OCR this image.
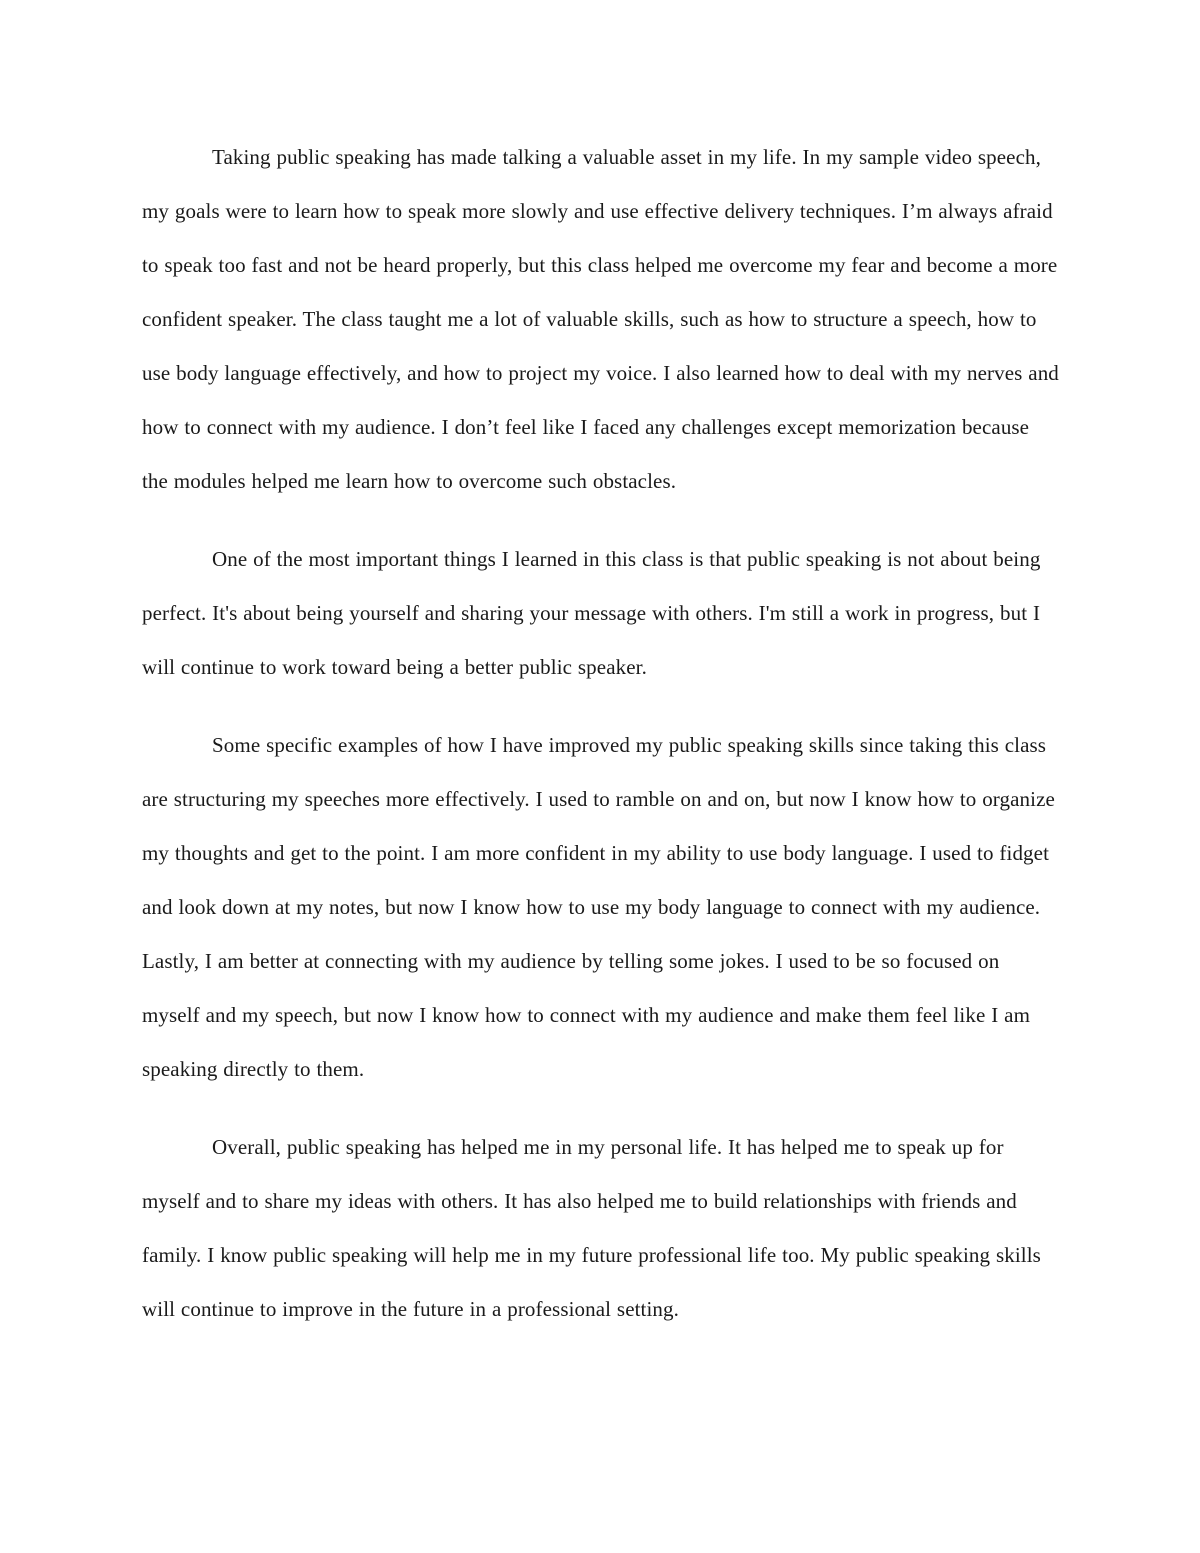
Taking public speaking has made talking a valuable asset in my life. In my sample video speech, my goals were to learn how to speak more slowly and use effective delivery techniques. I’m always afraid to speak too fast and not be heard properly, but this class helped me overcome my fear and become a more confident speaker. The class taught me a lot of valuable skills, such as how to structure a speech, how to use body language effectively, and how to project my voice. I also learned how to deal with my nerves and how to connect with my audience. I don’t feel like I faced any challenges except memorization because the modules helped me learn how to overcome such obstacles.

One of the most important things I learned in this class is that public speaking is not about being perfect. It's about being yourself and sharing your message with others. I'm still a work in progress, but I will continue to work toward being a better public speaker.

Some specific examples of how I have improved my public speaking skills since taking this class are structuring my speeches more effectively. I used to ramble on and on, but now I know how to organize my thoughts and get to the point. I am more confident in my ability to use body language. I used to fidget and look down at my notes, but now I know how to use my body language to connect with my audience. Lastly, I am better at connecting with my audience by telling some jokes. I used to be so focused on myself and my speech, but now I know how to connect with my audience and make them feel like I am speaking directly to them.

Overall, public speaking has helped me in my personal life. It has helped me to speak up for myself and to share my ideas with others. It has also helped me to build relationships with friends and family. I know public speaking will help me in my future professional life too. My public speaking skills will continue to improve in the future in a professional setting.
